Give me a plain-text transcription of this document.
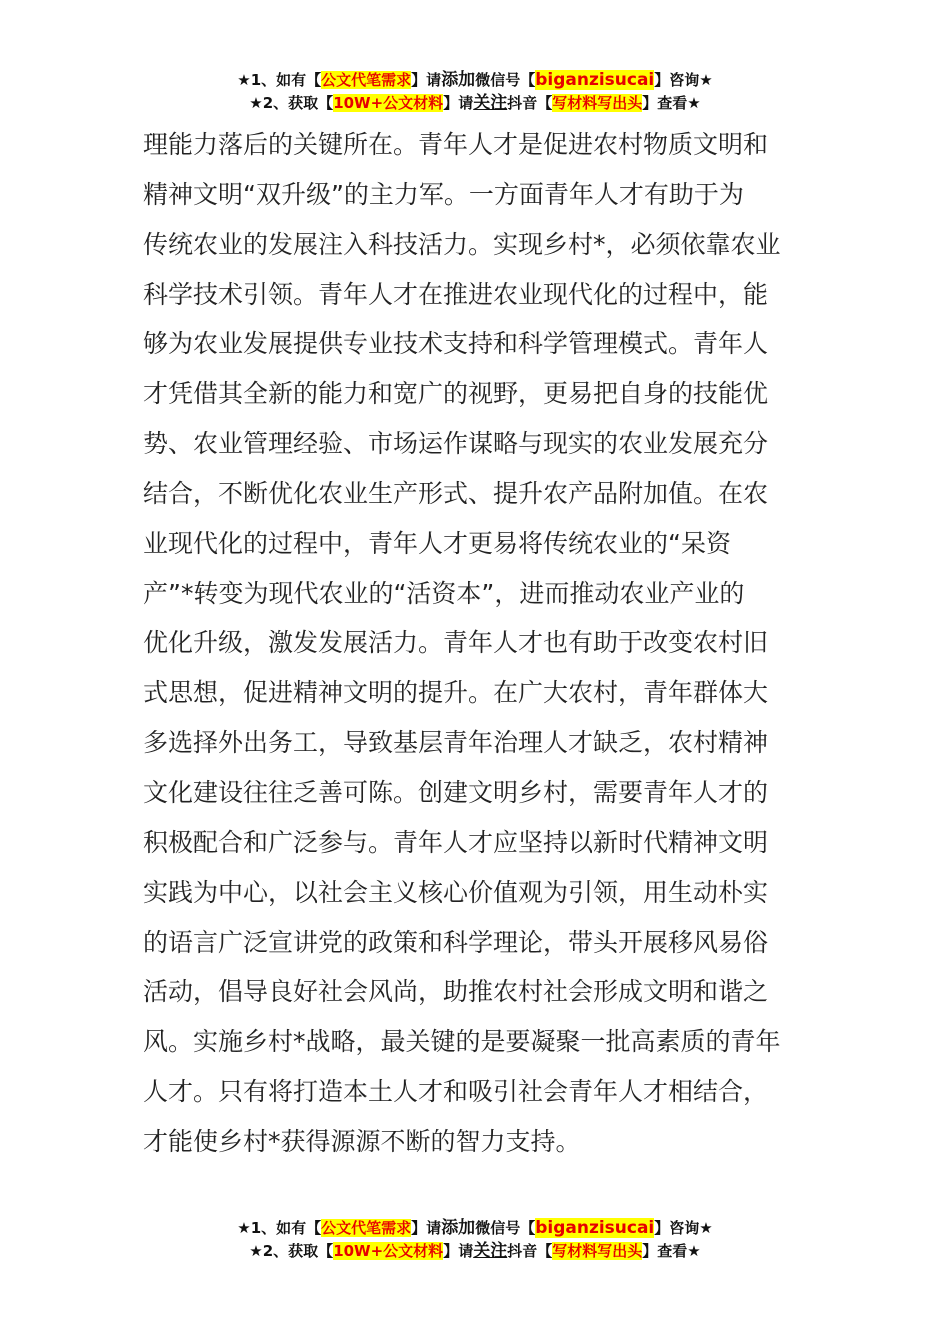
★1、如有【公文代笔需求】请添加微信号【biganzisucai】咨询★
★2、获取【10W+公文材料】请关注抖音【写材料写出头】查看★
理能力落后的关键所在。青年人才是促进农村物质文明和
精神文明“双升级”的主力军。一方面青年人才有助于为
传统农业的发展注入科技活力。实现乡村*，必须依靠农业
科学技术引领。青年人才在推进农业现代化的过程中，能
够为农业发展提供专业技术支持和科学管理模式。青年人
才凭借其全新的能力和宽广的视野，更易把自身的技能优
势、农业管理经验、市场运作谋略与现实的农业发展充分
结合，不断优化农业生产形式、提升农产品附加值。在农
业现代化的过程中，青年人才更易将传统农业的“呆资
产”*转变为现代农业的“活资本”，进而推动农业产业的
优化升级，激发发展活力。青年人才也有助于改变农村旧
式思想，促进精神文明的提升。在广大农村，青年群体大
多选择外出务工，导致基层青年治理人才缺乏，农村精神
文化建设往往乏善可陈。创建文明乡村，需要青年人才的
积极配合和广泛参与。青年人才应坚持以新时代精神文明
实践为中心，以社会主义核心价值观为引领，用生动朴实
的语言广泛宣讲党的政策和科学理论，带头开展移风易俗
活动，倡导良好社会风尚，助推农村社会形成文明和谐之
风。实施乡村*战略，最关键的是要凝聚一批高素质的青年
人才。只有将打造本土人才和吸引社会青年人才相结合，
才能使乡村*获得源源不断的智力支持。
★1、如有【公文代笔需求】请添加微信号【biganzisucai】咨询★
★2、获取【10W+公文材料】请关注抖音【写材料写出头】查看★
